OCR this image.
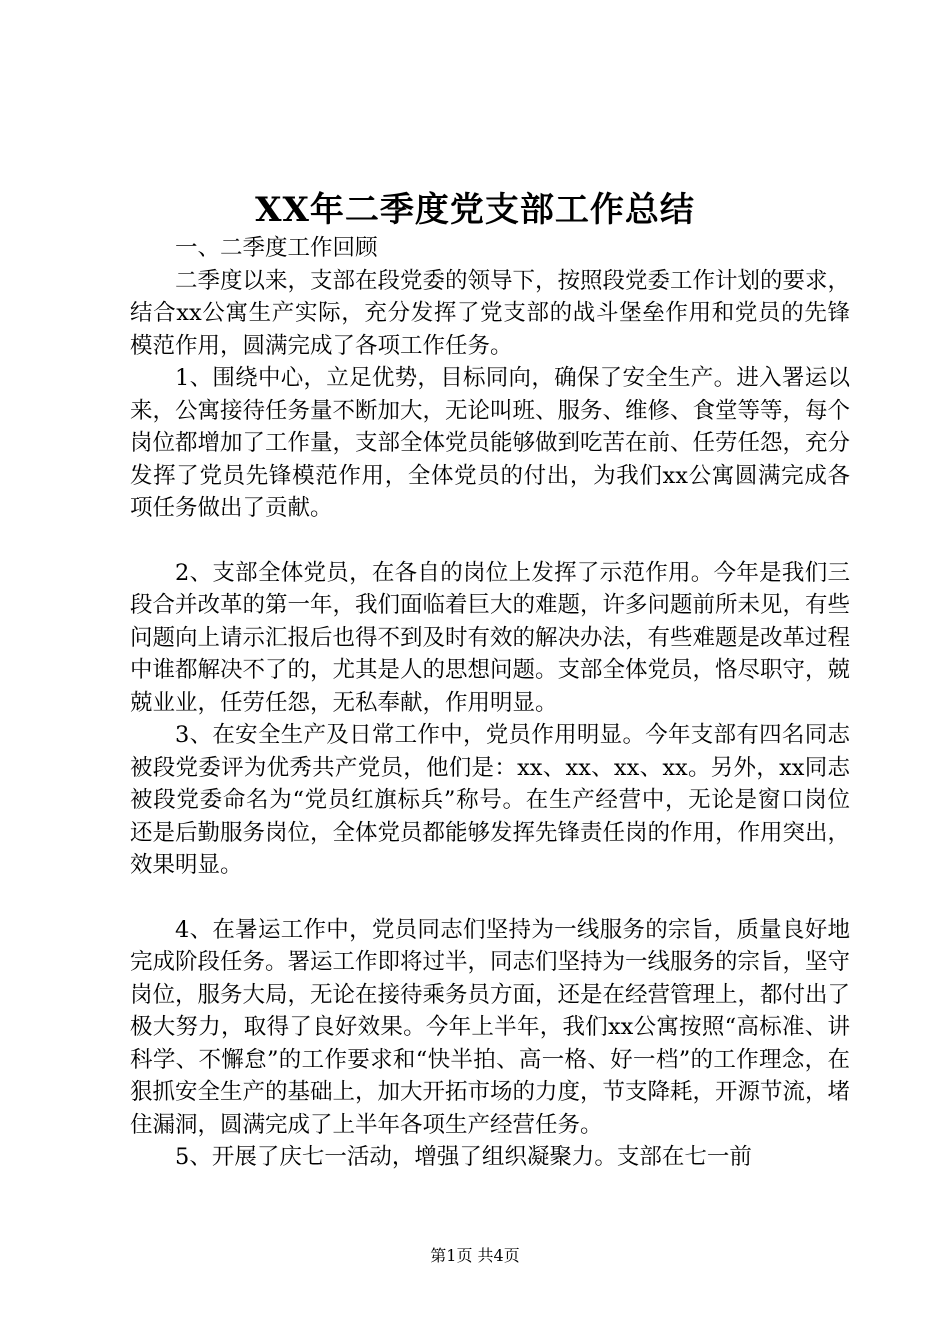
XX年二季度党支部工作总结

一、二季度工作回顾

二季度以来，支部在段党委的领导下，按照段党委工作计划的要求，结合xx公寓生产实际，充分发挥了党支部的战斗堡垒作用和党员的先锋模范作用，圆满完成了各项工作任务。

1、围绕中心，立足优势，目标同向，确保了安全生产。进入署运以来，公寓接待任务量不断加大，无论叫班、服务、维修、食堂等等，每个岗位都增加了工作量，支部全体党员能够做到吃苦在前、任劳任怨，充分发挥了党员先锋模范作用，全体党员的付出，为我们xx公寓圆满完成各项任务做出了贡献。

2、支部全体党员，在各自的岗位上发挥了示范作用。今年是我们三段合并改革的第一年，我们面临着巨大的难题，许多问题前所未见，有些问题向上请示汇报后也得不到及时有效的解决办法，有些难题是改革过程中谁都解决不了的，尤其是人的思想问题。支部全体党员，恪尽职守，兢兢业业，任劳任怨，无私奉献，作用明显。

3、在安全生产及日常工作中，党员作用明显。今年支部有四名同志被段党委评为优秀共产党员，他们是：xx、xx、xx、xx。另外，xx同志被段党委命名为“党员红旗标兵”称号。在生产经营中，无论是窗口岗位还是后勤服务岗位，全体党员都能够发挥先锋责任岗的作用，作用突出，效果明显。

4、在暑运工作中，党员同志们坚持为一线服务的宗旨，质量良好地完成阶段任务。署运工作即将过半，同志们坚持为一线服务的宗旨，坚守岗位，服务大局，无论在接待乘务员方面，还是在经营管理上，都付出了极大努力，取得了良好效果。今年上半年，我们xx公寓按照“高标准、讲科学、不懈怠”的工作要求和“快半拍、高一格、好一档”的工作理念，在狠抓安全生产的基础上，加大开拓市场的力度，节支降耗，开源节流，堵住漏洞，圆满完成了上半年各项生产经营任务。

5、开展了庆七一活动，增强了组织凝聚力。支部在七一前

第1页 共4页
